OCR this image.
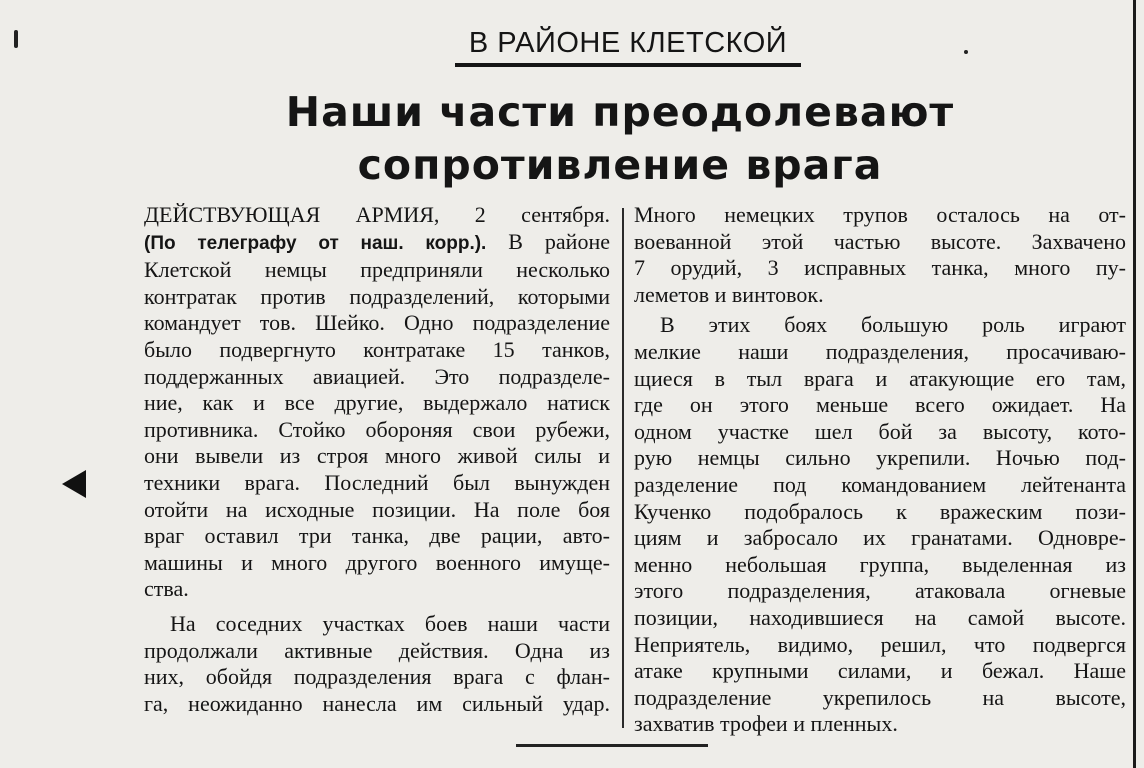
В РАЙОНЕ КЛЕТСКОЙ
Наши части преодолевают
сопротивление врага
ДЕЙСТВУЮЩАЯ АРМИЯ, 2 сентября.
(По телеграфу от наш. корр.). В районе
Клетской немцы предприняли несколько
контратак против подразделений, которыми
командует тов. Шейко. Одно подразделение
было подвергнуто контратаке 15 танков,
поддержанных авиацией. Это подразделе-
ние, как и все другие, выдержало натиск
противника. Стойко обороняя свои рубежи,
они вывели из строя много живой силы и
техники врага. Последний был вынужден
отойти на исходные позиции. На поле боя
враг оставил три танка, две рации, авто-
машины и много другого военного имуще-
ства.
На соседних участках боев наши части
продолжали активные действия. Одна из
них, обойдя подразделения врага с флан-
га, неожиданно нанесла им сильный удар.
Много немецких трупов осталось на от-
воеванной этой частью высоте. Захвачено
7 орудий, 3 исправных танка, много пу-
леметов и винтовок.
В этих боях большую роль играют
мелкие наши подразделения, просачиваю-
щиеся в тыл врага и атакующие его там,
где он этого меньше всего ожидает. На
одном участке шел бой за высоту, кото-
рую немцы сильно укрепили. Ночью под-
разделение под командованием лейтенанта
Кученко подобралось к вражеским пози-
циям и забросало их гранатами. Одновре-
менно небольшая группа, выделенная из
этого подразделения, атаковала огневые
позиции, находившиеся на самой высоте.
Неприятель, видимо, решил, что подвергся
атаке крупными силами, и бежал. Наше
подразделение укрепилось на высоте,
захватив трофеи и пленных.
